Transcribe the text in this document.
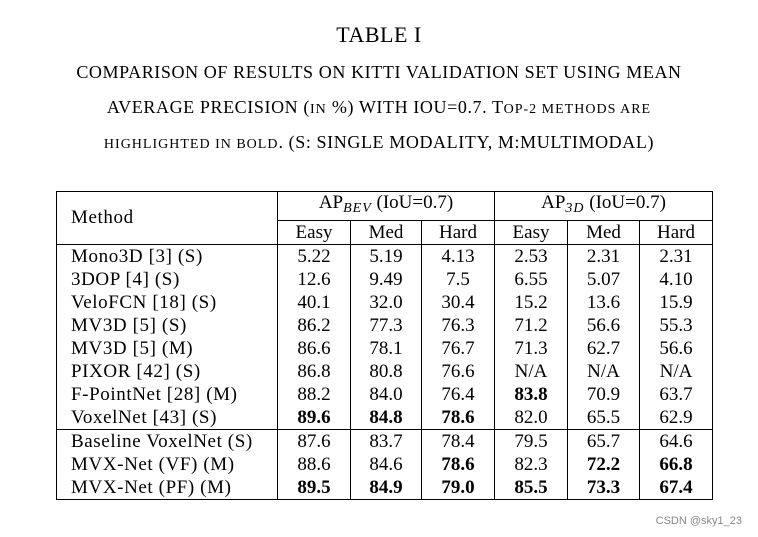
TABLE I
COMPARISON OF RESULTS ON KITTI VALIDATION SET USING MEAN
AVERAGE PRECISION (IN %) WITH IOU=0.7. TOP-2 METHODS ARE
HIGHLIGHTED IN BOLD. (S: SINGLE MODALITY, M:MULTIMODAL)
Method	$AP_{BEV}$ (IoU=0.7)			$AP_{3D}$ (IoU=0.7)		
	Easy	Med	Hard	Easy	Med	Hard
Mono3D [3] (S)	5.22	5.19	4.13	2.53	2.31	2.31
3DOP [4] (S)	12.6	9.49	7.5	6.55	5.07	4.10
VeloFCN [18] (S)	40.1	32.0	30.4	15.2	13.6	15.9
MV3D [5] (S)	86.2	77.3	76.3	71.2	56.6	55.3
MV3D [5] (M)	86.6	78.1	76.7	71.3	62.7	56.6
PIXOR [42] (S)	86.8	80.8	76.6	N/A	N/A	N/A
F-PointNet [28] (M)	88.2	84.0	76.4	83.8	70.9	63.7
VoxelNet [43] (S)	89.6	84.8	78.6	82.0	65.5	62.9
Baseline VoxelNet (S)	87.6	83.7	78.4	79.5	65.7	64.6
MVX-Net (VF) (M)	88.6	84.6	78.6	82.3	72.2	66.8
MVX-Net (PF) (M)	89.5	84.9	79.0	85.5	73.3	67.4
CSDN @sky1_23
